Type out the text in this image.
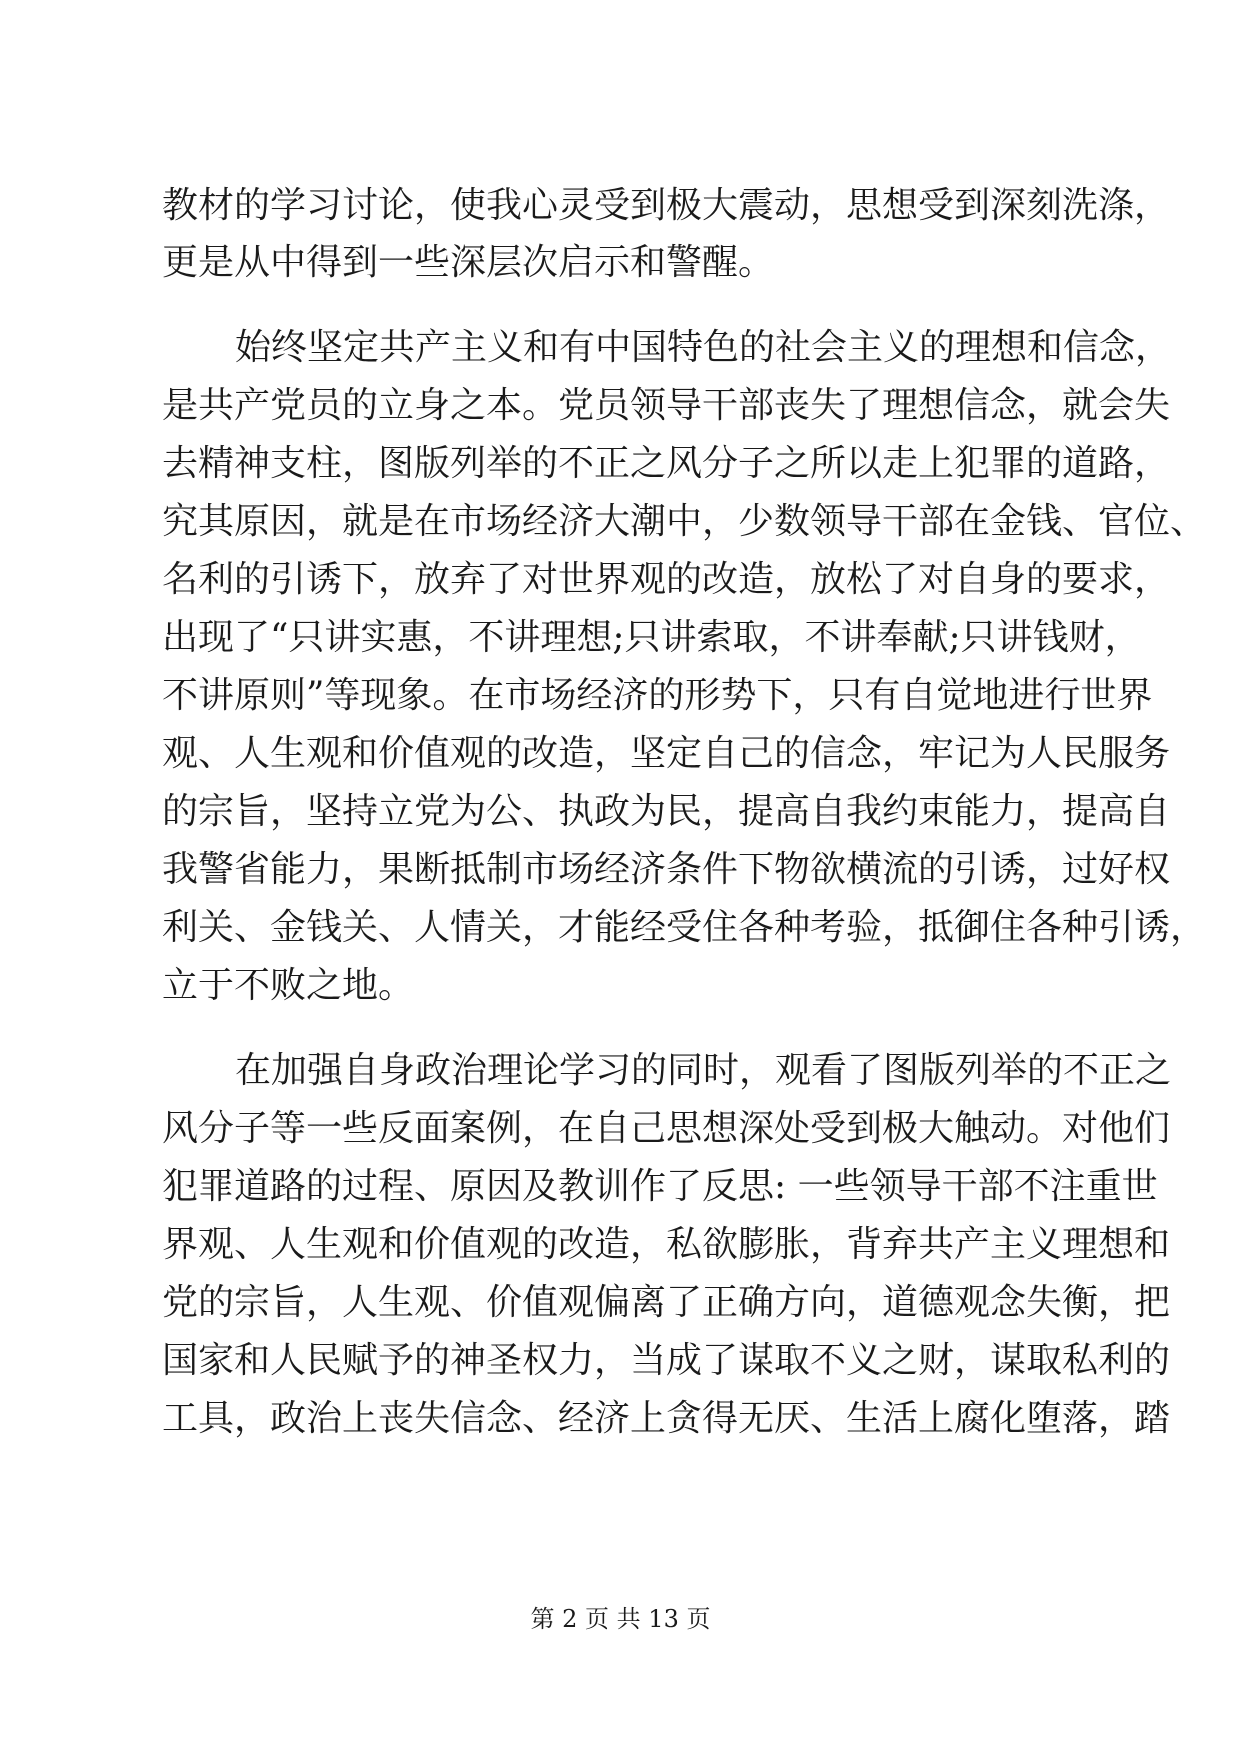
教材的学习讨论，使我心灵受到极大震动，思想受到深刻洗涤，
更是从中得到一些深层次启示和警醒。
始终坚定共产主义和有中国特色的社会主义的理想和信念，
是共产党员的立身之本。党员领导干部丧失了理想信念，就会失
去精神支柱，图版列举的不正之风分子之所以走上犯罪的道路，
究其原因，就是在市场经济大潮中，少数领导干部在金钱、官位、
名利的引诱下，放弃了对世界观的改造，放松了对自身的要求，
出现了“只讲实惠，不讲理想;只讲索取，不讲奉献;只讲钱财，
不讲原则”等现象。在市场经济的形势下，只有自觉地进行世界
观、人生观和价值观的改造，坚定自己的信念，牢记为人民服务
的宗旨，坚持立党为公、执政为民，提高自我约束能力，提高自
我警省能力，果断抵制市场经济条件下物欲横流的引诱，过好权
利关、金钱关、人情关，才能经受住各种考验，抵御住各种引诱，
立于不败之地。
在加强自身政治理论学习的同时，观看了图版列举的不正之
风分子等一些反面案例，在自己思想深处受到极大触动。对他们
犯罪道路的过程、原因及教训作了反思: 一些领导干部不注重世
界观、人生观和价值观的改造，私欲膨胀，背弃共产主义理想和
党的宗旨，人生观、价值观偏离了正确方向，道德观念失衡，把
国家和人民赋予的神圣权力，当成了谋取不义之财，谋取私利的
工具，政治上丧失信念、经济上贪得无厌、生活上腐化堕落，踏
第 2 页 共 13 页
